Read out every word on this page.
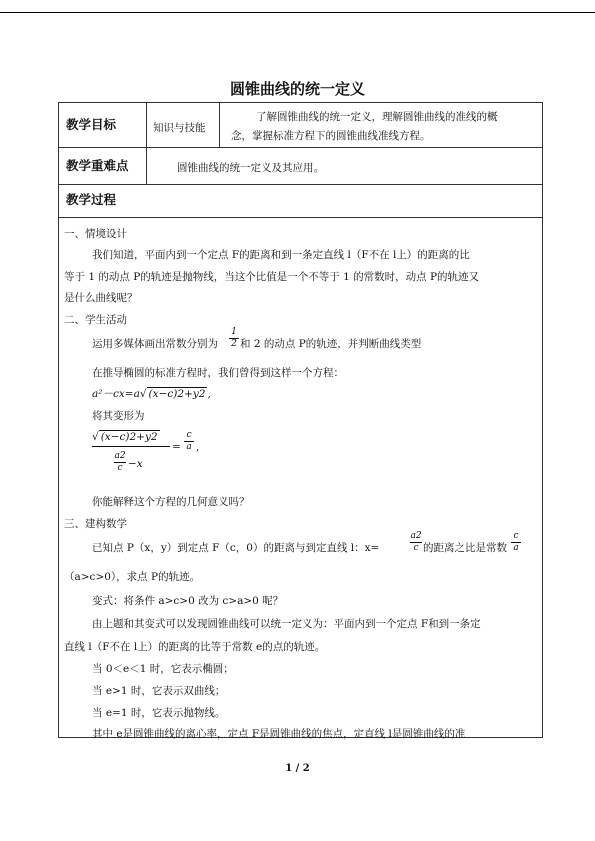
圆锥曲线的统一定义
教学目标	知识与技能
了解圆锥曲线的统一定义，理解圆锥曲线的准线的概
念，掌握标准方程下的圆锥曲线准线方程。
教学重难点	圆锥曲线的统一定义及其应用。
教学过程
一、情境设计
我们知道，平面内到一个定点 F的距离和到一条定直线 l（F不在 l上）的距离的比
等于 1 的动点 P的轨迹是抛物线，当这个比值是一个不等于 1 的常数时，动点 P的轨迹又
是什么曲线呢？
二、学生活动
运用多媒体画出常数分别为
1
2 和 2 的动点 P的轨迹，并判断曲线类型
在推导椭圆的标准方程时，我们曾得到这样一个方程：
a²－cx=a√ (x−c)2+y2 ,
将其变形为
√ (x−c)2+y2
a2
c −x
=
c
a ,
你能解释这个方程的几何意义吗？
三、建构数学
已知点 P（x，y）到定点 F（c，0）的距离与到定直线 l：x=
a2
c 的距离之比是常数
c
a
（a>c>0），求点 P的轨迹。
变式：将条件 a>c>0 改为 c>a>0 呢？
由上题和其变式可以发现圆锥曲线可以统一定义为：平面内到一个定点 F和到一条定
直线 l（F不在 l上）的距离的比等于常数 e的点的轨迹。
当 0＜e＜1 时，它表示椭圆；
当 e>1 时，它表示双曲线；
当 e=1 时，它表示抛物线。
其中 e是圆锥曲线的离心率，定点 F是圆锥曲线的焦点，定直线 l是圆锥曲线的准
1 / 2
